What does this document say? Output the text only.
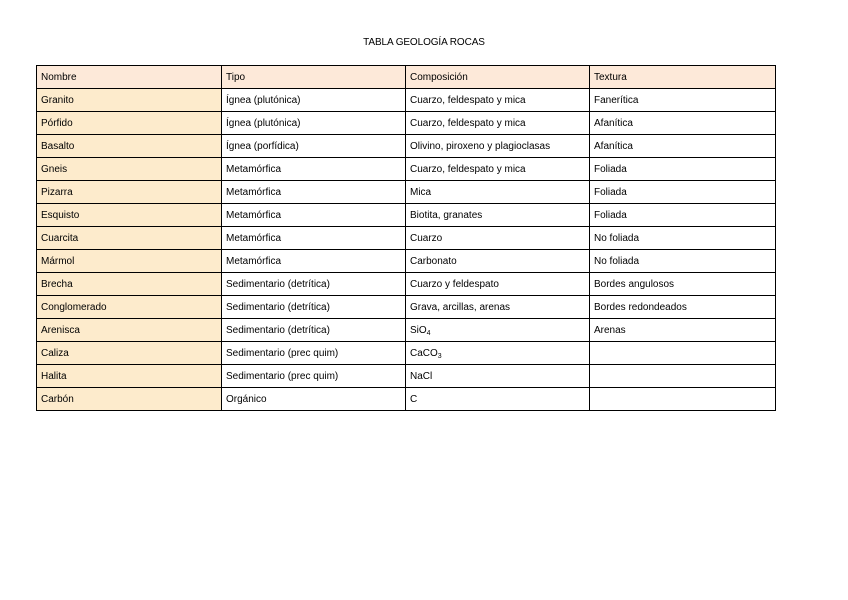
TABLA GEOLOGÍA ROCAS
Nombre	Tipo	Composición	Textura
Granito	Ígnea (plutónica)	Cuarzo, feldespato y mica	Fanerítica
Pórfido	Ígnea (plutónica)	Cuarzo, feldespato y mica	Afanítica
Basalto	Ígnea (porfídica)	Olivino, piroxeno y plagioclasas	Afanítica
Gneis	Metamórfica	Cuarzo, feldespato y mica	Foliada
Pizarra	Metamórfica	Mica	Foliada
Esquisto	Metamórfica	Biotita, granates	Foliada
Cuarcita	Metamórfica	Cuarzo	No foliada
Mármol	Metamórfica	Carbonato	No foliada
Brecha	Sedimentario (detrítica)	Cuarzo y feldespato	Bordes angulosos
Conglomerado	Sedimentario (detrítica)	Grava, arcillas, arenas	Bordes redondeados
Arenisca	Sedimentario (detrítica)	SiO$_4$	Arenas
Caliza	Sedimentario (prec quim)	CaCO$_3$	
Halita	Sedimentario (prec quim)	NaCl	
Carbón	Orgánico	C	
